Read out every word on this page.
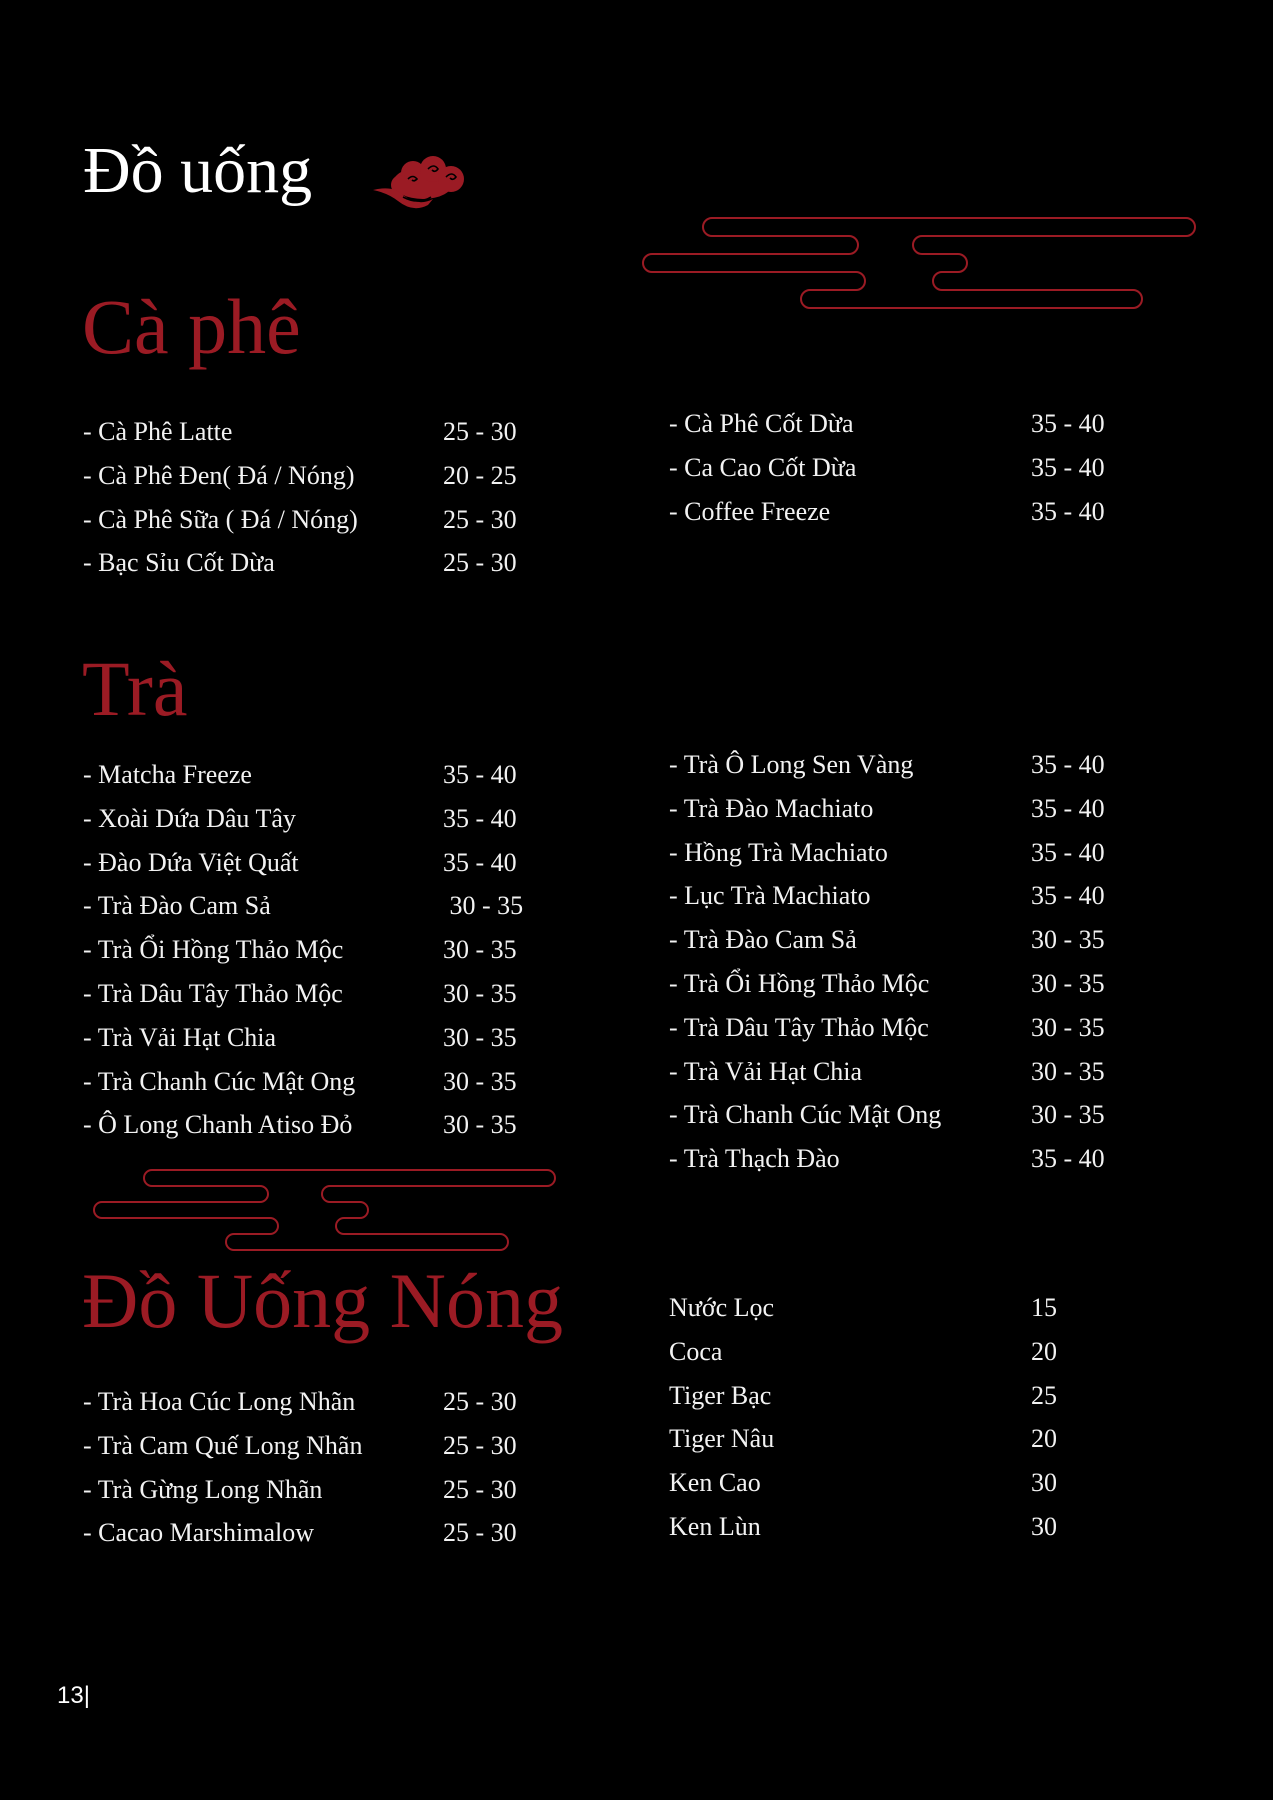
Đồ uống
Cà phê
- Cà Phê Latte	25 - 30
- Cà Phê Đen( Đá / Nóng)	20 - 25
- Cà Phê Sữa ( Đá / Nóng)	25 - 30
- Bạc Sỉu Cốt Dừa	25 - 30
- Cà Phê Cốt Dừa	35 - 40
- Ca Cao Cốt Dừa	35 - 40
- Coffee Freeze	35 - 40
Trà
- Matcha Freeze	35 - 40
- Xoài Dứa Dâu Tây	35 - 40
- Đào Dứa Việt Quất	35 - 40
- Trà Đào Cam Sả	30 - 35
- Trà Ổi Hồng Thảo Mộc	30 - 35
- Trà Dâu Tây Thảo Mộc	30 - 35
- Trà Vải Hạt Chia	30 - 35
- Trà Chanh Cúc Mật Ong	30 - 35
- Ô Long Chanh Atiso Đỏ	30 - 35
- Trà Ô Long Sen Vàng	35 - 40
- Trà Đào Machiato	35 - 40
- Hồng Trà Machiato	35 - 40
- Lục Trà Machiato	35 - 40
- Trà Đào Cam Sả	30 - 35
- Trà Ổi Hồng Thảo Mộc	30 - 35
- Trà Dâu Tây Thảo Mộc	30 - 35
- Trà Vải Hạt Chia	30 - 35
- Trà Chanh Cúc Mật Ong	30 - 35
- Trà Thạch Đào	35 - 40
Đồ Uống Nóng
- Trà Hoa Cúc Long Nhãn	25 - 30
- Trà Cam Quế Long Nhãn	25 - 30
- Trà Gừng Long Nhãn	25 - 30
- Cacao Marshimalow	25 - 30
Nước Lọc	15
Coca	20
Tiger Bạc	25
Tiger Nâu	20
Ken Cao	30
Ken Lùn	30
13|
